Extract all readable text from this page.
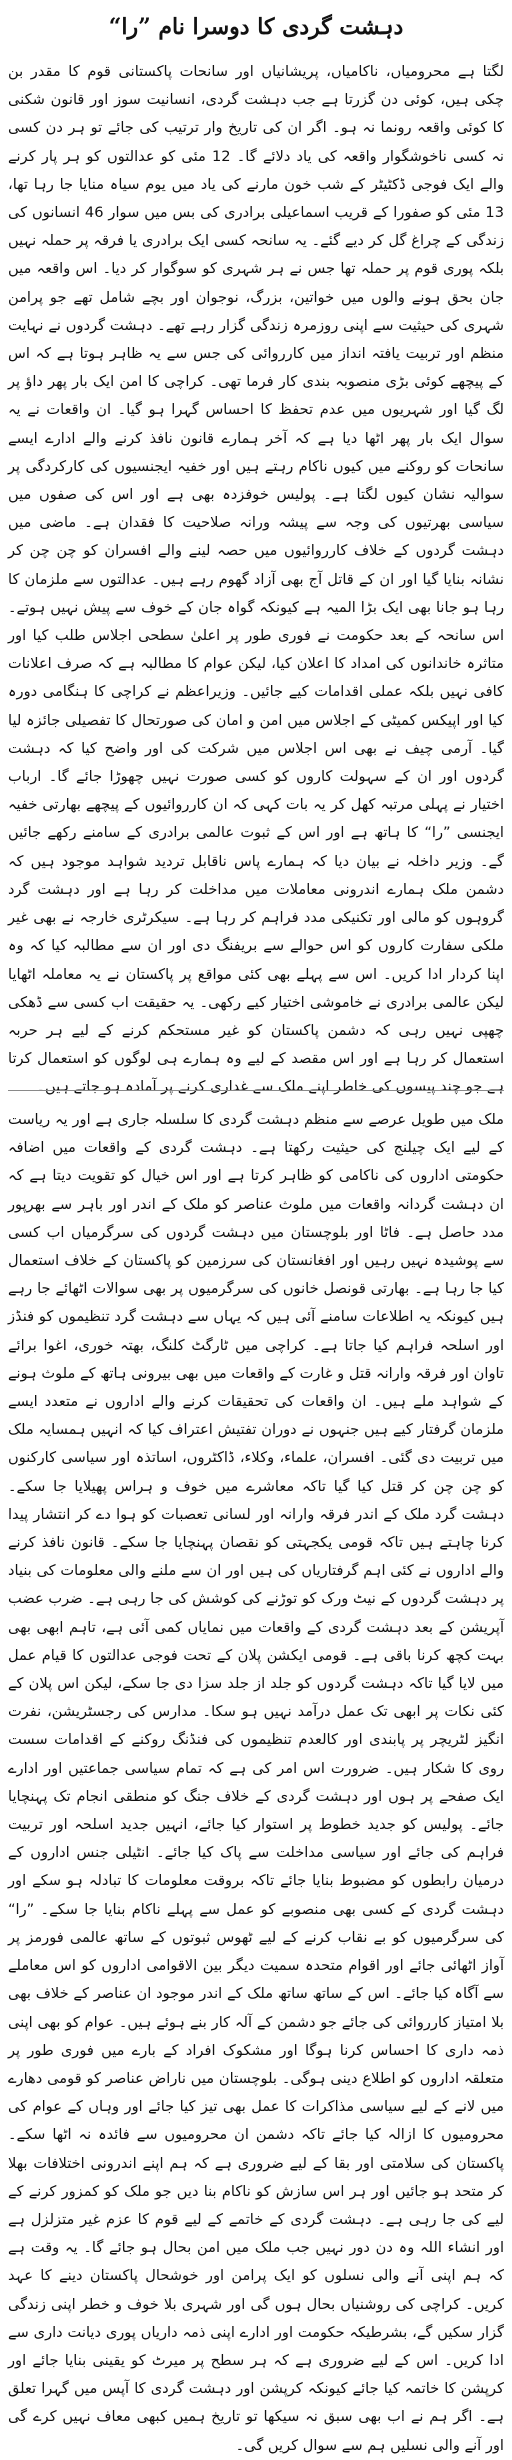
دہشت گردی کا دوسرا نام ”را“

لگتا ہے محرومیاں، ناکامیاں، پریشانیاں اور سانحات پاکستانی قوم کا مقدر بن چکی ہیں، کوئی دن گزرتا ہے جب دہشت گردی، انسانیت سوز اور قانون شکنی کا کوئی واقعہ رونما نہ ہو۔ اگر ان کی تاریخ وار ترتیب کی جائے تو ہر دن کسی نہ کسی ناخوشگوار واقعہ کی یاد دلائے گا۔ 12 مئی کو عدالتوں کو ہر پار کرنے والے ایک فوجی ڈکٹیٹر کے شب خون مارنے کی یاد میں یوم سیاہ منایا جا رہا تھا، 13 مئی کو صفورا کے قریب اسماعیلی برادری کی بس میں سوار 46 انسانوں کی زندگی کے چراغ گل کر دیے گئے۔ یہ سانحہ کسی ایک برادری یا فرقہ پر حملہ نہیں بلکہ پوری قوم پر حملہ تھا جس نے ہر شہری کو سوگوار کر دیا۔ اس واقعہ میں جان بحق ہونے والوں میں خواتین، بزرگ، نوجوان اور بچے شامل تھے جو پرامن شہری کی حیثیت سے اپنی روزمرہ زندگی گزار رہے تھے۔ دہشت گردوں نے نہایت منظم اور تربیت یافتہ انداز میں کارروائی کی جس سے یہ ظاہر ہوتا ہے کہ اس کے پیچھے کوئی بڑی منصوبہ بندی کار فرما تھی۔ کراچی کا امن ایک بار پھر داؤ پر لگ گیا اور شہریوں میں عدم تحفظ کا احساس گہرا ہو گیا۔ ان واقعات نے یہ سوال ایک بار پھر اٹھا دیا ہے کہ آخر ہمارے قانون نافذ کرنے والے ادارے ایسے سانحات کو روکنے میں کیوں ناکام رہتے ہیں اور خفیہ ایجنسیوں کی کارکردگی پر سوالیہ نشان کیوں لگتا ہے۔ پولیس خوفزدہ بھی ہے اور اس کی صفوں میں سیاسی بھرتیوں کی وجہ سے پیشہ ورانہ صلاحیت کا فقدان ہے۔ ماضی میں دہشت گردوں کے خلاف کارروائیوں میں حصہ لینے والے افسران کو چن چن کر نشانہ بنایا گیا اور ان کے قاتل آج بھی آزاد گھوم رہے ہیں۔ عدالتوں سے ملزمان کا رہا ہو جانا بھی ایک بڑا المیہ ہے کیونکہ گواہ جان کے خوف سے پیش نہیں ہوتے۔ اس سانحہ کے بعد حکومت نے فوری طور پر اعلیٰ سطحی اجلاس طلب کیا اور متاثرہ خاندانوں کی امداد کا اعلان کیا، لیکن عوام کا مطالبہ ہے کہ صرف اعلانات کافی نہیں بلکہ عملی اقدامات کیے جائیں۔ وزیراعظم نے کراچی کا ہنگامی دورہ کیا اور اپیکس کمیٹی کے اجلاس میں امن و امان کی صورتحال کا تفصیلی جائزہ لیا گیا۔ آرمی چیف نے بھی اس اجلاس میں شرکت کی اور واضح کیا کہ دہشت گردوں اور ان کے سہولت کاروں کو کسی صورت نہیں چھوڑا جائے گا۔ ارباب اختیار نے پہلی مرتبہ کھل کر یہ بات کہی کہ ان کارروائیوں کے پیچھے بھارتی خفیہ ایجنسی ”را“ کا ہاتھ ہے اور اس کے ثبوت عالمی برادری کے سامنے رکھے جائیں گے۔ وزیر داخلہ نے بیان دیا کہ ہمارے پاس ناقابل تردید شواہد موجود ہیں کہ دشمن ملک ہمارے اندرونی معاملات میں مداخلت کر رہا ہے اور دہشت گرد گروہوں کو مالی اور تکنیکی مدد فراہم کر رہا ہے۔ سیکرٹری خارجہ نے بھی غیر ملکی سفارت کاروں کو اس حوالے سے بریفنگ دی اور ان سے مطالبہ کیا کہ وہ اپنا کردار ادا کریں۔ اس سے پہلے بھی کئی مواقع پر پاکستان نے یہ معاملہ اٹھایا لیکن عالمی برادری نے خاموشی اختیار کیے رکھی۔ یہ حقیقت اب کسی سے ڈھکی چھپی نہیں رہی کہ دشمن پاکستان کو غیر مستحکم کرنے کے لیے ہر حربہ استعمال کر رہا ہے اور اس مقصد کے لیے وہ ہمارے ہی لوگوں کو استعمال کرتا ہے جو چند پیسوں کی خاطر اپنے ملک سے غداری کرنے پر آمادہ ہو جاتے ہیں۔

ملک میں طویل عرصے سے منظم دہشت گردی کا سلسلہ جاری ہے اور یہ ریاست کے لیے ایک چیلنج کی حیثیت رکھتا ہے۔ دہشت گردی کے واقعات میں اضافہ حکومتی اداروں کی ناکامی کو ظاہر کرتا ہے اور اس خیال کو تقویت دیتا ہے کہ ان دہشت گردانہ واقعات میں ملوث عناصر کو ملک کے اندر اور باہر سے بھرپور مدد حاصل ہے۔ فاٹا اور بلوچستان میں دہشت گردوں کی سرگرمیاں اب کسی سے پوشیدہ نہیں رہیں اور افغانستان کی سرزمین کو پاکستان کے خلاف استعمال کیا جا رہا ہے۔ بھارتی قونصل خانوں کی سرگرمیوں پر بھی سوالات اٹھائے جا رہے ہیں کیونکہ یہ اطلاعات سامنے آئی ہیں کہ یہاں سے دہشت گرد تنظیموں کو فنڈز اور اسلحہ فراہم کیا جاتا ہے۔ کراچی میں ٹارگٹ کلنگ، بھتہ خوری، اغوا برائے تاوان اور فرقہ وارانہ قتل و غارت کے واقعات میں بھی بیرونی ہاتھ کے ملوث ہونے کے شواہد ملے ہیں۔ ان واقعات کی تحقیقات کرنے والے اداروں نے متعدد ایسے ملزمان گرفتار کیے ہیں جنہوں نے دوران تفتیش اعتراف کیا کہ انہیں ہمسایہ ملک میں تربیت دی گئی۔ افسران، علماء، وکلاء، ڈاکٹروں، اساتذہ اور سیاسی کارکنوں کو چن چن کر قتل کیا گیا تاکہ معاشرے میں خوف و ہراس پھیلایا جا سکے۔ دہشت گرد ملک کے اندر فرقہ وارانہ اور لسانی تعصبات کو ہوا دے کر انتشار پیدا کرنا چاہتے ہیں تاکہ قومی یکجہتی کو نقصان پہنچایا جا سکے۔ قانون نافذ کرنے والے اداروں نے کئی اہم گرفتاریاں کی ہیں اور ان سے ملنے والی معلومات کی بنیاد پر دہشت گردوں کے نیٹ ورک کو توڑنے کی کوشش کی جا رہی ہے۔ ضرب عضب آپریشن کے بعد دہشت گردی کے واقعات میں نمایاں کمی آئی ہے، تاہم ابھی بھی بہت کچھ کرنا باقی ہے۔ قومی ایکشن پلان کے تحت فوجی عدالتوں کا قیام عمل میں لایا گیا تاکہ دہشت گردوں کو جلد از جلد سزا دی جا سکے، لیکن اس پلان کے کئی نکات پر ابھی تک عمل درآمد نہیں ہو سکا۔ مدارس کی رجسٹریشن، نفرت انگیز لٹریچر پر پابندی اور کالعدم تنظیموں کی فنڈنگ روکنے کے اقدامات سست روی کا شکار ہیں۔ ضرورت اس امر کی ہے کہ تمام سیاسی جماعتیں اور ادارے ایک صفحے پر ہوں اور دہشت گردی کے خلاف جنگ کو منطقی انجام تک پہنچایا جائے۔ پولیس کو جدید خطوط پر استوار کیا جائے، انہیں جدید اسلحہ اور تربیت فراہم کی جائے اور سیاسی مداخلت سے پاک کیا جائے۔ انٹیلی جنس اداروں کے درمیان رابطوں کو مضبوط بنایا جائے تاکہ بروقت معلومات کا تبادلہ ہو سکے اور دہشت گردی کے کسی بھی منصوبے کو عمل سے پہلے ناکام بنایا جا سکے۔ ”را“ کی سرگرمیوں کو بے نقاب کرنے کے لیے ٹھوس ثبوتوں کے ساتھ عالمی فورمز پر آواز اٹھائی جائے اور اقوام متحدہ سمیت دیگر بین الاقوامی اداروں کو اس معاملے سے آگاہ کیا جائے۔ اس کے ساتھ ساتھ ملک کے اندر موجود ان عناصر کے خلاف بھی بلا امتیاز کارروائی کی جائے جو دشمن کے آلہ کار بنے ہوئے ہیں۔ عوام کو بھی اپنی ذمہ داری کا احساس کرنا ہوگا اور مشکوک افراد کے بارے میں فوری طور پر متعلقہ اداروں کو اطلاع دینی ہوگی۔ بلوچستان میں ناراض عناصر کو قومی دھارے میں لانے کے لیے سیاسی مذاکرات کا عمل بھی تیز کیا جائے اور وہاں کے عوام کی محرومیوں کا ازالہ کیا جائے تاکہ دشمن ان محرومیوں سے فائدہ نہ اٹھا سکے۔ پاکستان کی سلامتی اور بقا کے لیے ضروری ہے کہ ہم اپنے اندرونی اختلافات بھلا کر متحد ہو جائیں اور ہر اس سازش کو ناکام بنا دیں جو ملک کو کمزور کرنے کے لیے کی جا رہی ہے۔ دہشت گردی کے خاتمے کے لیے قوم کا عزم غیر متزلزل ہے اور انشاء اللہ وہ دن دور نہیں جب ملک میں امن بحال ہو جائے گا۔ یہ وقت ہے کہ ہم اپنی آنے والی نسلوں کو ایک پرامن اور خوشحال پاکستان دینے کا عہد کریں۔ کراچی کی روشنیاں بحال ہوں گی اور شہری بلا خوف و خطر اپنی زندگی گزار سکیں گے، بشرطیکہ حکومت اور ادارے اپنی ذمہ داریاں پوری دیانت داری سے ادا کریں۔ اس کے لیے ضروری ہے کہ ہر سطح پر میرٹ کو یقینی بنایا جائے اور کرپشن کا خاتمہ کیا جائے کیونکہ کرپشن اور دہشت گردی کا آپس میں گہرا تعلق ہے۔ اگر ہم نے اب بھی سبق نہ سیکھا تو تاریخ ہمیں کبھی معاف نہیں کرے گی اور آنے والی نسلیں ہم سے سوال کریں گی۔
